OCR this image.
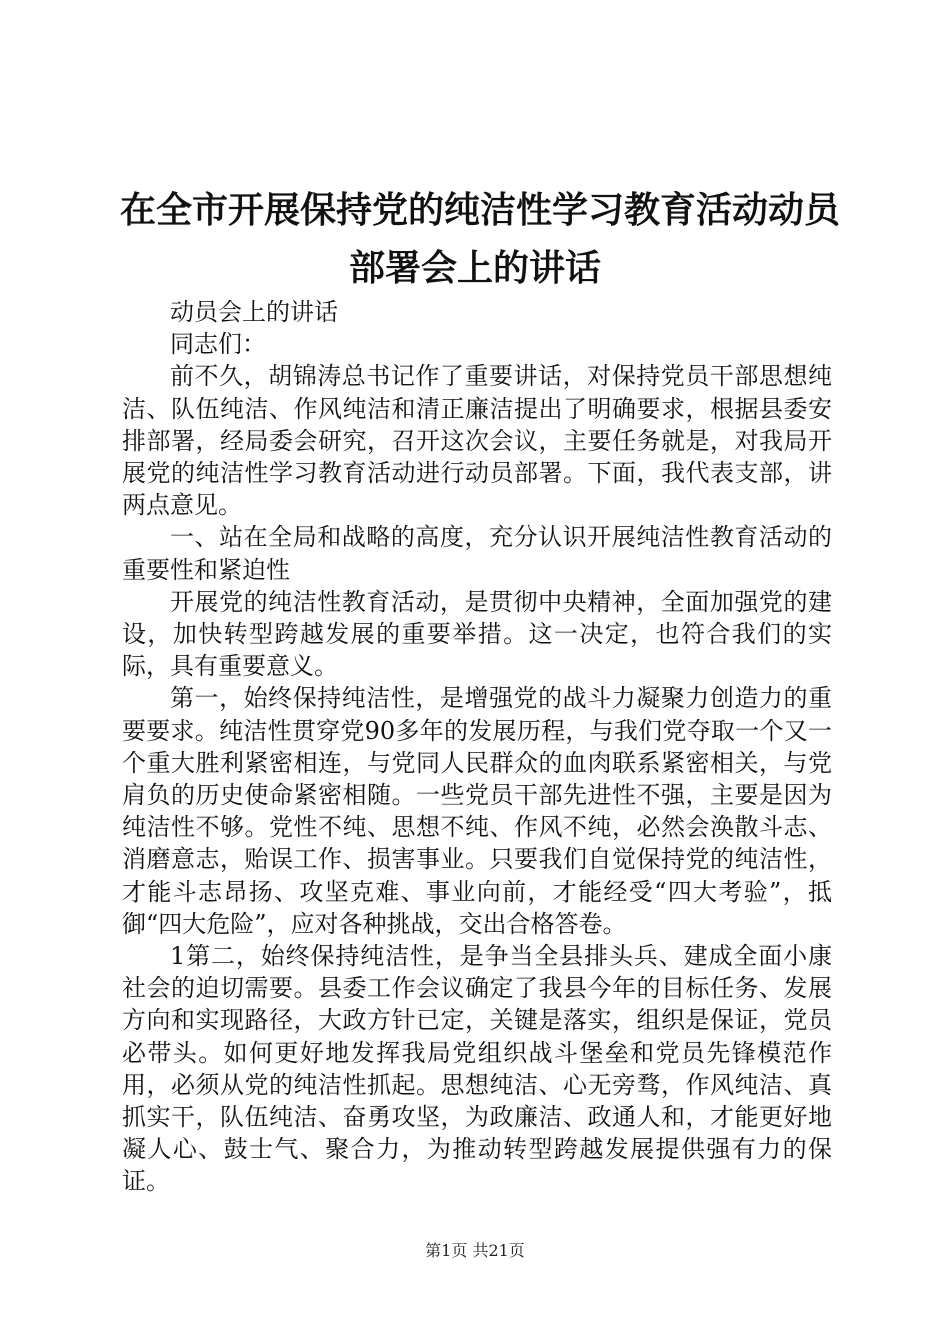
在全市开展保持党的纯洁性学习教育活动动员
部署会上的讲话

动员会上的讲话

同志们：

前不久，胡锦涛总书记作了重要讲话，对保持党员干部思想纯洁、队伍纯洁、作风纯洁和清正廉洁提出了明确要求，根据县委安排部署，经局委会研究，召开这次会议，主要任务就是，对我局开展党的纯洁性学习教育活动进行动员部署。下面，我代表支部，讲两点意见。

一、站在全局和战略的高度，充分认识开展纯洁性教育活动的重要性和紧迫性

开展党的纯洁性教育活动，是贯彻中央精神，全面加强党的建设，加快转型跨越发展的重要举措。这一决定，也符合我们的实际，具有重要意义。

第一，始终保持纯洁性，是增强党的战斗力凝聚力创造力的重要要求。纯洁性贯穿党90多年的发展历程，与我们党夺取一个又一个重大胜利紧密相连，与党同人民群众的血肉联系紧密相关，与党肩负的历史使命紧密相随。一些党员干部先进性不强，主要是因为纯洁性不够。党性不纯、思想不纯、作风不纯，必然会涣散斗志、消磨意志，贻误工作、损害事业。只要我们自觉保持党的纯洁性，才能斗志昂扬、攻坚克难、事业向前，才能经受“四大考验”，抵御“四大危险”，应对各种挑战，交出合格答卷。

1第二，始终保持纯洁性，是争当全县排头兵、建成全面小康社会的迫切需要。县委工作会议确定了我县今年的目标任务、发展方向和实现路径，大政方针已定，关键是落实，组织是保证，党员必带头。如何更好地发挥我局党组织战斗堡垒和党员先锋模范作用，必须从党的纯洁性抓起。思想纯洁、心无旁骛，作风纯洁、真抓实干，队伍纯洁、奋勇攻坚，为政廉洁、政通人和，才能更好地凝人心、鼓士气、聚合力，为推动转型跨越发展提供强有力的保证。

第1页 共21页
